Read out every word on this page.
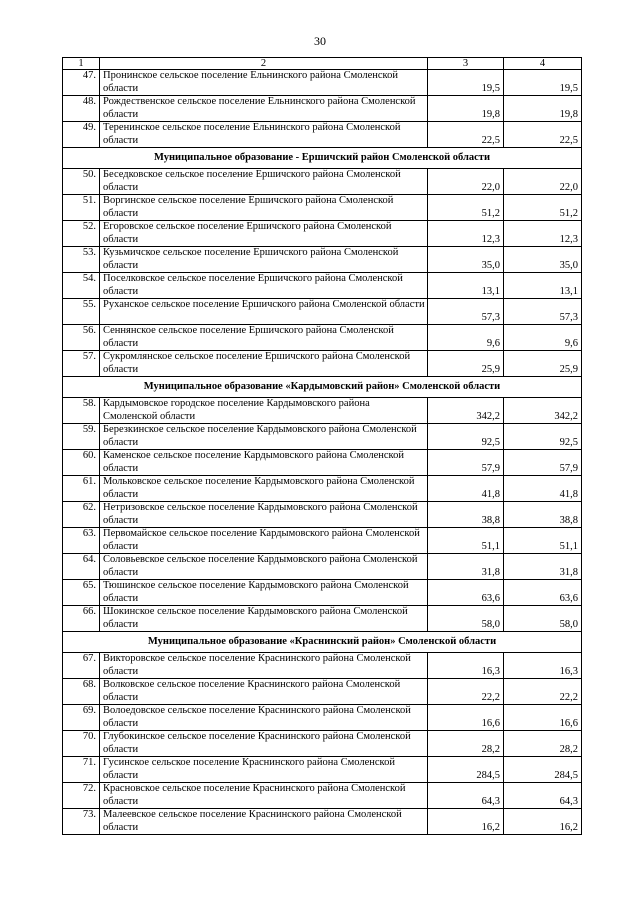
30
1	2	3	4
47.	Пронинское сельское поселение Ельнинского района Смоленской области	19,5	19,5
48.	Рождественское сельское поселение Ельнинского района Смоленской области	19,8	19,8
49.	Теренинское сельское поселение Ельнинского района Смоленской области	22,5	22,5
Муниципальное образование - Ершичский район Смоленской области			
50.	Беседковское сельское поселение Ершичского района Смоленской области	22,0	22,0
51.	Воргинское сельское поселение Ершичского района Смоленской области	51,2	51,2
52.	Егоровское сельское поселение Ершичского района Смоленской области	12,3	12,3
53.	Кузьмичское сельское поселение Ершичского района Смоленской области	35,0	35,0
54.	Поселковское сельское поселение Ершичского района Смоленской области	13,1	13,1
55.	Руханское сельское поселение Ершичского района Смоленской области	57,3	57,3
56.	Сеннянское сельское поселение Ершичского района Смоленской области	9,6	9,6
57.	Сукромлянское сельское поселение Ершичского района Смоленской области	25,9	25,9
Муниципальное образование «Кардымовский район» Смоленской области			
58.	Кардымовское городское поселение Кардымовского района Смоленской области	342,2	342,2
59.	Березкинское сельское поселение Кардымовского района Смоленской области	92,5	92,5
60.	Каменское сельское поселение Кардымовского района Смоленской области	57,9	57,9
61.	Мольковское сельское поселение Кардымовского района Смоленской области	41,8	41,8
62.	Нетризовское сельское поселение Кардымовского района Смоленской области	38,8	38,8
63.	Первомайское сельское поселение Кардымовского района Смоленской области	51,1	51,1
64.	Соловьевское сельское поселение Кардымовского района Смоленской области	31,8	31,8
65.	Тюшинское сельское поселение Кардымовского района Смоленской области	63,6	63,6
66.	Шокинское сельское поселение Кардымовского района Смоленской области	58,0	58,0
Муниципальное образование «Краснинский район» Смоленской области			
67.	Викторовское сельское поселение Краснинского района Смоленской области	16,3	16,3
68.	Волковское сельское поселение Краснинского района Смоленской области	22,2	22,2
69.	Волоедовское сельское поселение Краснинского района Смоленской области	16,6	16,6
70.	Глубокинское сельское поселение Краснинского района Смоленской области	28,2	28,2
71.	Гусинское сельское поселение Краснинского района Смоленской области	284,5	284,5
72.	Красновское сельское поселение Краснинского района Смоленской области	64,3	64,3
73.	Малеевское сельское поселение Краснинского района Смоленской области	16,2	16,2
